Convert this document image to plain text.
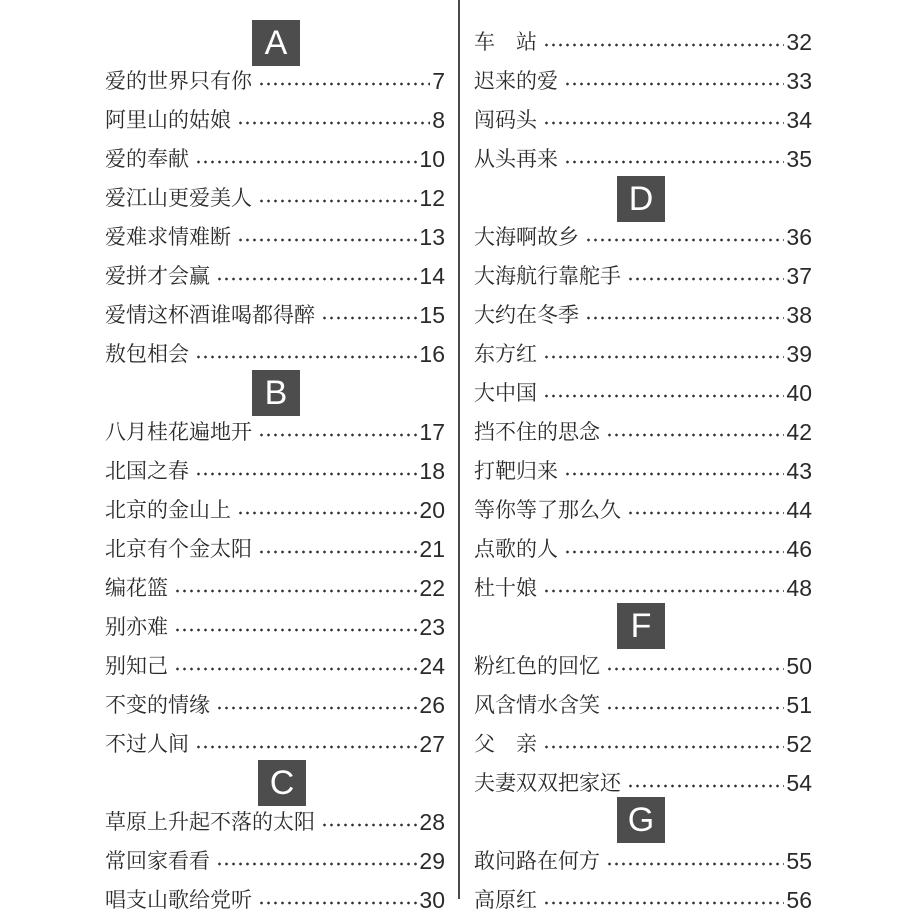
A
B
C
爱的世界只有你	7
阿里山的姑娘	8
爱的奉献	10
爱江山更爱美人	12
爱难求情难断	13
爱拼才会赢	14
爱情这杯酒谁喝都得醉	15
敖包相会	16
八月桂花遍地开	17
北国之春	18
北京的金山上	20
北京有个金太阳	21
编花篮	22
别亦难	23
别知己	24
不变的情缘	26
不过人间	27
草原上升起不落的太阳	28
常回家看看	29
唱支山歌给党听	30
D
F
G
车　站	32
迟来的爱	33
闯码头	34
从头再来	35
大海啊故乡	36
大海航行靠舵手	37
大约在冬季	38
东方红	39
大中国	40
挡不住的思念	42
打靶归来	43
等你等了那么久	44
点歌的人	46
杜十娘	48
粉红色的回忆	50
风含情水含笑	51
父　亲	52
夫妻双双把家还	54
敢问路在何方	55
高原红	56
